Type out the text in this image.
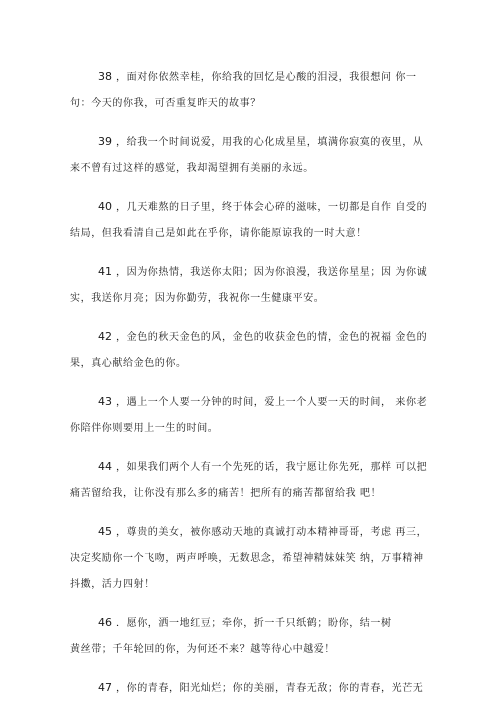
38 ，面对你依然幸桂，你给我的回忆是心酸的泪浸，我很想问 你一
句：今天的你我，可否重复昨天的故事？
39 ，给我一个时间说爱，用我的心化成星星，填满你寂寞的夜里，从
来不曾有过这样的感觉，我却渴望拥有美丽的永远。
40 ，几天难熬的日子里，终于体会心碎的滋味，一切都是自作 自受的
结局，但我看清自己是如此在乎你，请你能原谅我的一时大意！
41 ，因为你热情，我送你太阳；因为你浪漫，我送你星星；因 为你诚
实，我送你月亮；因为你勤劳，我祝你一生健康平安。
42 ，金色的秋天金色的风，金色的收获金色的情，金色的祝福 金色的
果，真心献给金色的你。
43 ，遇上一个人要一分钟的时间，爱上一个人要一天的时间， 来你老
你陪伴你则要用上一生的时间。
44 ，如果我们两个人有一个先死的话，我宁愿让你先死，那样 可以把
痛苦留给我，让你没有那么多的痛苦！把所有的痛苦都留给我 吧！
45 ，尊贵的美女，被你感动天地的真诚打动本精神哥哥，考虑 再三，
决定奖励你一个飞吻，两声呼唤，无数思念，希望神精妹妹笑 纳，万事精神
抖擞，活力四射！
46 ．愿你，洒一地红豆；牵你，折一千只纸鹤；盼你，结一树
黄丝带；千年轮回的你，为何还不来？越等待心中越爱！
47 ，你的青春，阳光灿烂；你的美丽，青春无敌；你的青春，光芒无
